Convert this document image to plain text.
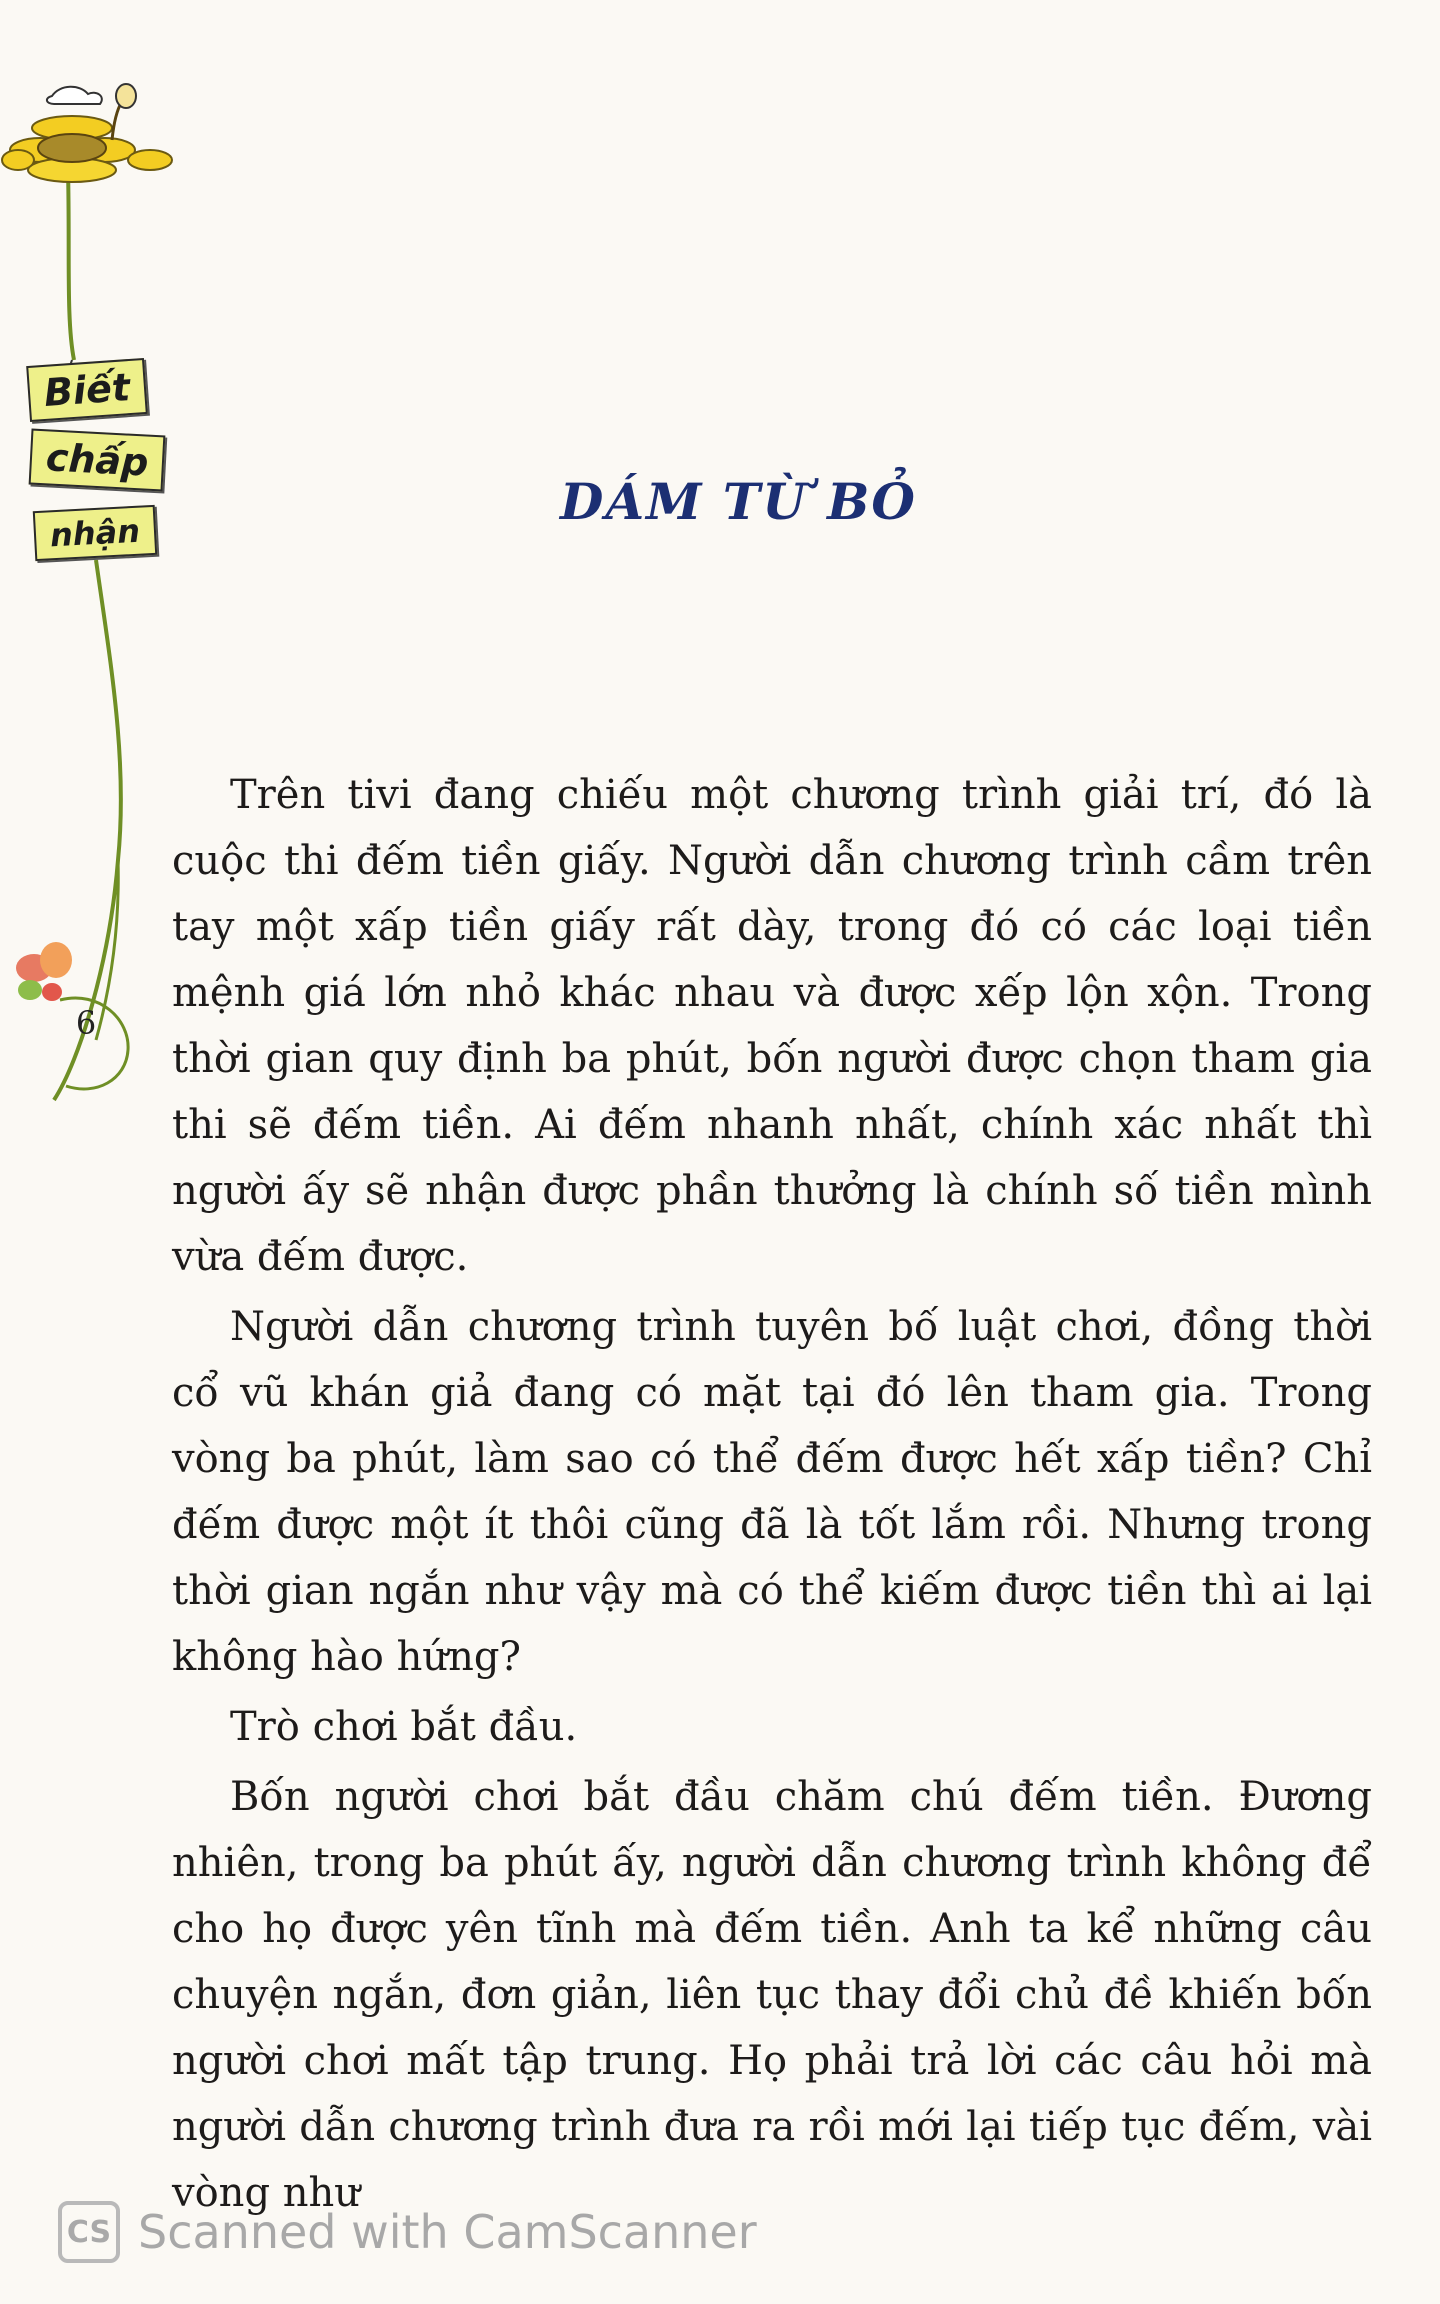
Biết
chấp
nhận
6
DÁM TỪ BỎ

Trên tivi đang chiếu một chương trình giải trí, đó là cuộc thi đếm tiền giấy. Người dẫn chương trình cầm trên tay một xấp tiền giấy rất dày, trong đó có các loại tiền mệnh giá lớn nhỏ khác nhau và được xếp lộn xộn. Trong thời gian quy định ba phút, bốn người được chọn tham gia thi sẽ đếm tiền. Ai đếm nhanh nhất, chính xác nhất thì người ấy sẽ nhận được phần thưởng là chính số tiền mình vừa đếm được.

Người dẫn chương trình tuyên bố luật chơi, đồng thời cổ vũ khán giả đang có mặt tại đó lên tham gia. Trong vòng ba phút, làm sao có thể đếm được hết xấp tiền? Chỉ đếm được một ít thôi cũng đã là tốt lắm rồi. Nhưng trong thời gian ngắn như vậy mà có thể kiếm được tiền thì ai lại không hào hứng?

Trò chơi bắt đầu.

Bốn người chơi bắt đầu chăm chú đếm tiền. Đương nhiên, trong ba phút ấy, người dẫn chương trình không để cho họ được yên tĩnh mà đếm tiền. Anh ta kể những câu chuyện ngắn, đơn giản, liên tục thay đổi chủ đề khiến bốn người chơi mất tập trung. Họ phải trả lời các câu hỏi mà người dẫn chương trình đưa ra rồi mới lại tiếp tục đếm, vài vòng như

CS Scanned with CamScanner
